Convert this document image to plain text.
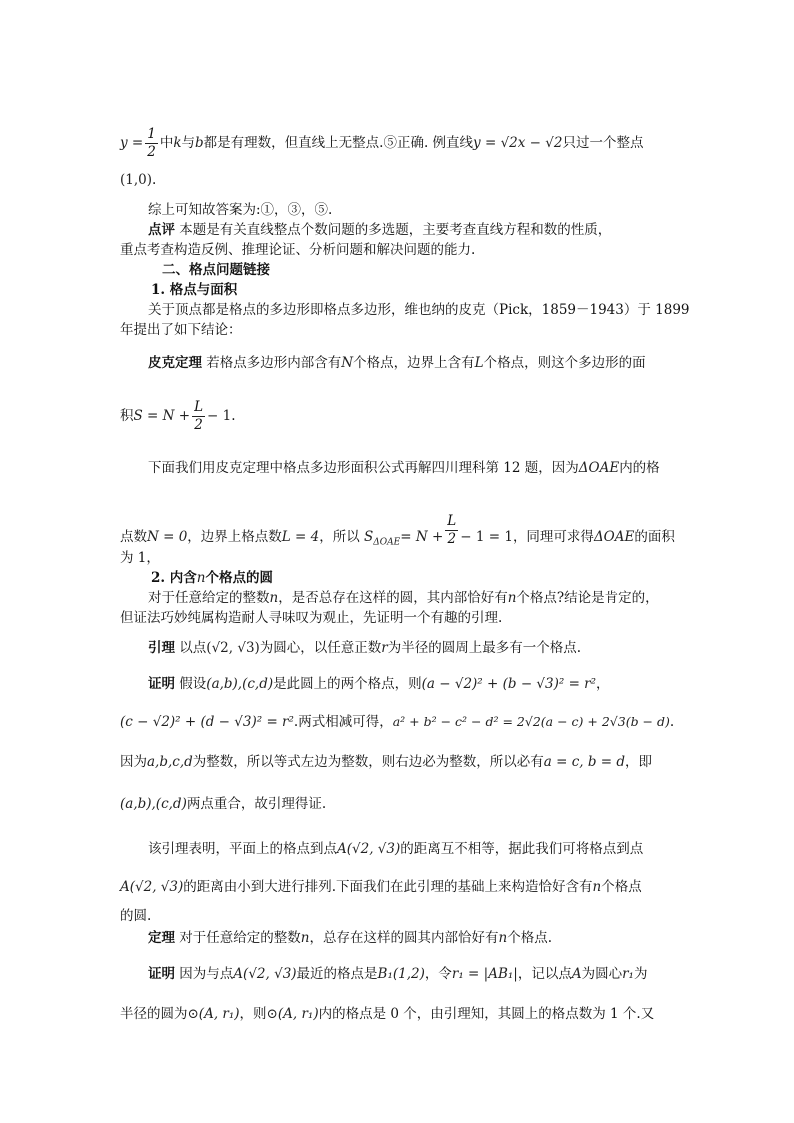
$y = \frac{1}{2}$ 中k与b都是有理数，但直线上无整点.⑤正确. 例直线y = √2x − √2只过一个整点
(1,0).
综上可知故答案为:①，③，⑤.
点评 本题是有关直线整点个数问题的多选题，主要考查直线方程和数的性质，
重点考查构造反例、推理论证、分析问题和解决问题的能力.
二、格点问题链接
1. 格点与面积
关于顶点都是格点的多边形即格点多边形，维也纳的皮克（Pick，1859－1943）于 1899
年提出了如下结论：
皮克定理 若格点多边形内部含有N个格点，边界上含有L个格点，则这个多边形的面
积$S = N + \frac{L}{2} - 1$.
下面我们用皮克定理中格点多边形面积公式再解四川理科第 12 题，因为ΔOAE内的格
点数N = 0，边界上格点数L = 4，所以 $S_{\Delta OAE}= N + \frac{L}{2} - 1 = 1$，同理可求得ΔOAE的面积
为 1，
2. 内含n个格点的圆
对于任意给定的整数n，是否总存在这样的圆，其内部恰好有n个格点?结论是肯定的，
但证法巧妙纯属构造耐人寻味叹为观止，先证明一个有趣的引理.
引理 以点(√2, √3)为圆心，以任意正数r为半径的圆周上最多有一个格点.
证明 假设(a,b),(c,d)是此圆上的两个格点，则(a − √2)² + (b − √3)² = r²，
(c − √2)² + (d − √3)² = r².两式相减可得，a² + b² − c² − d² = 2√2(a − c) + 2√3(b − d).
因为a,b,c,d为整数，所以等式左边为整数，则右边必为整数，所以必有a = c, b = d，即
(a,b),(c,d)两点重合，故引理得证.
该引理表明，平面上的格点到点A(√2, √3)的距离互不相等，据此我们可将格点到点
A(√2, √3)的距离由小到大进行排列.下面我们在此引理的基础上来构造恰好含有n个格点
的圆.
定理 对于任意给定的整数n，总存在这样的圆其内部恰好有n个格点.
证明 因为与点A(√2, √3)最近的格点是B₁(1,2)，令r₁ = |AB₁|，记以点A为圆心r₁为
半径的圆为⊙(A, r₁)，则⊙(A, r₁)内的格点是 0 个，由引理知，其圆上的格点数为 1 个.又
